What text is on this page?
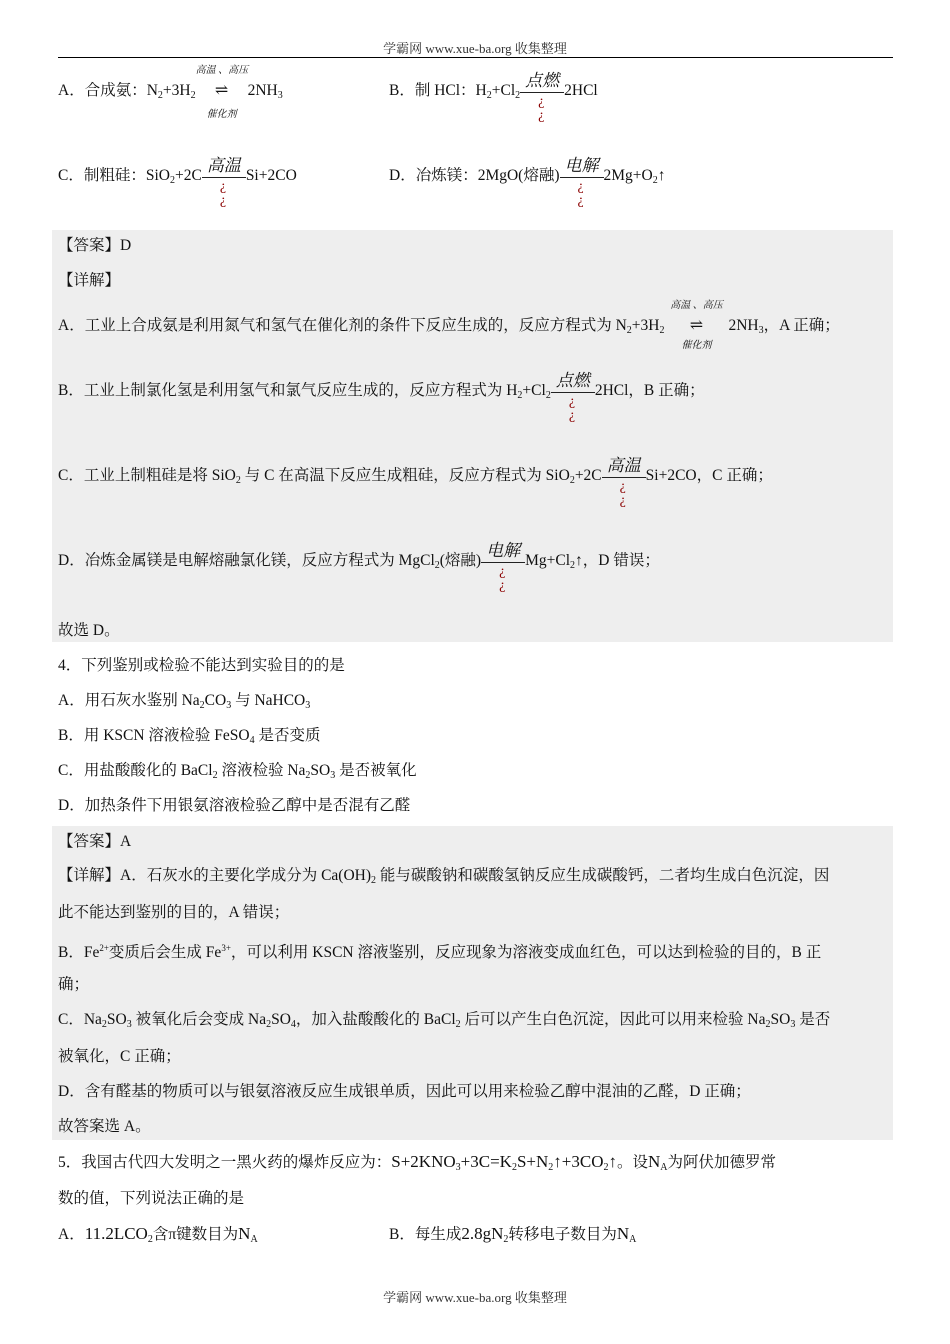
学霸网 www.xue-ba.org 收集整理
A．合成氨：$N_2+3H_2$
高温 、高压
⇌
催化剂
$2NH_3$	B．制 HCl：$H_2+Cl_2$
点燃
¿
¿
2HCl
C．制粗硅：SiO$_2$+2C
高温
¿
¿
Si+2CO	D．冶炼镁：2MgO(熔融)
电解
¿
¿
$2Mg+O_2↑$
【答案】D
【详解】
A．工业上合成氨是利用氮气和氢气在催化剂的条件下反应生成的，反应方程式为 $N_2+3H_2$
高温 、高压
⇌
催化剂
$2NH_3$，A 正确；
B．工业上制氯化氢是利用氢气和氯气反应生成的，反应方程式为 $H_2+Cl_2$
点燃
¿
¿
2HCl，B 正确；
C．工业上制粗硅是将 SiO$_2$ 与 C 在高温下反应生成粗硅，反应方程式为 SiO$_2$+2C
高温
¿
¿
Si+2CO，C 正确；
D．冶炼金属镁是电解熔融氯化镁，反应方程式为 MgCl$_2$(熔融)
电解
¿
¿
$Mg+Cl_2↑$，D 错误；
故选 D。
4．下列鉴别或检验不能达到实验目的的是
A．用石灰水鉴别 $Na_2CO_3$ 与 NaHCO$_3$
B．用 KSCN 溶液检验 FeSO$_4$ 是否变质
C．用盐酸酸化的 BaCl$_2$ 溶液检验 $Na_2SO_3$ 是否被氧化
D．加热条件下用银氨溶液检验乙醇中是否混有乙醛
【答案】A
【详解】A．石灰水的主要化学成分为 $Ca(OH)_2$ 能与碳酸钠和碳酸氢钠反应生成碳酸钙，二者均生成白色沉淀，因
此不能达到鉴别的目的，A 错误；
B．$Fe^{2+}$变质后会生成 $Fe^{3+}$，可以利用 KSCN 溶液鉴别，反应现象为溶液变成血红色，可以达到检验的目的，B 正
确；
C．$Na_2SO_3$ 被氧化后会变成 $Na_2SO_4$，加入盐酸酸化的 BaCl$_2$ 后可以产生白色沉淀，因此可以用来检验 $Na_2SO_3$ 是否
被氧化，C 正确；
D．含有醛基的物质可以与银氨溶液反应生成银单质，因此可以用来检验乙醇中混油的乙醛，D 正确；
故答案选 A。
5．我国古代四大发明之一黑火药的爆炸反应为：$S+2KNO_3+3C=K_2S+N_2↑+3CO_2↑$。设$N_A$为阿伏加德罗常
数的值，下列说法正确的是
A．$11.2LCO_2$含π键数目为$N_A$	B．每生成$2.8gN_2$转移电子数目为$N_A$
学霸网 www.xue-ba.org 收集整理
